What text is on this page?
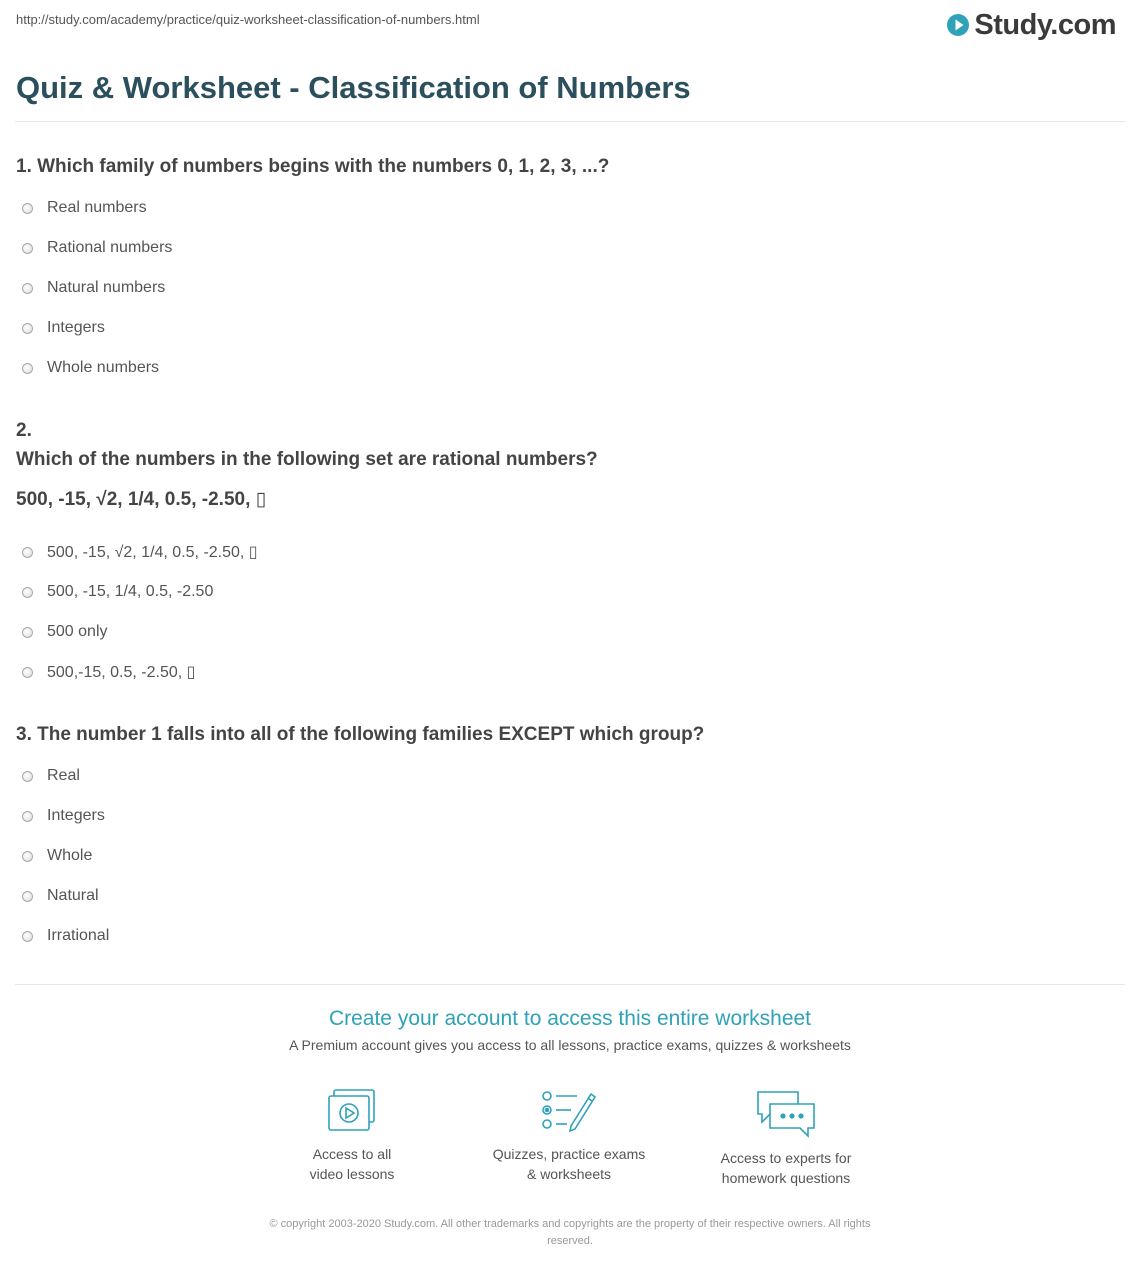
http://study.com/academy/practice/quiz-worksheet-classification-of-numbers.html	Study.com
Quiz & Worksheet - Classification of Numbers
1. Which family of numbers begins with the numbers 0, 1, 2, 3, ...?
Real numbers
Rational numbers
Natural numbers
Integers
Whole numbers
2.
Which of the numbers in the following set are rational numbers?
500, -15, √2, 1/4, 0.5, -2.50, ▯
500, -15, √2, 1/4, 0.5, -2.50, ▯
500, -15, 1/4, 0.5, -2.50
500 only
500,-15, 0.5, -2.50, ▯
3. The number 1 falls into all of the following families EXCEPT which group?
Real
Integers
Whole
Natural
Irrational
Create your account to access this entire worksheet
A Premium account gives you access to all lessons, practice exams, quizzes & worksheets
Access to all
video lessons
Quizzes, practice exams
& worksheets
Access to experts for
homework questions
© copyright 2003-2020 Study.com. All other trademarks and copyrights are the property of their respective owners. All rights
reserved.
